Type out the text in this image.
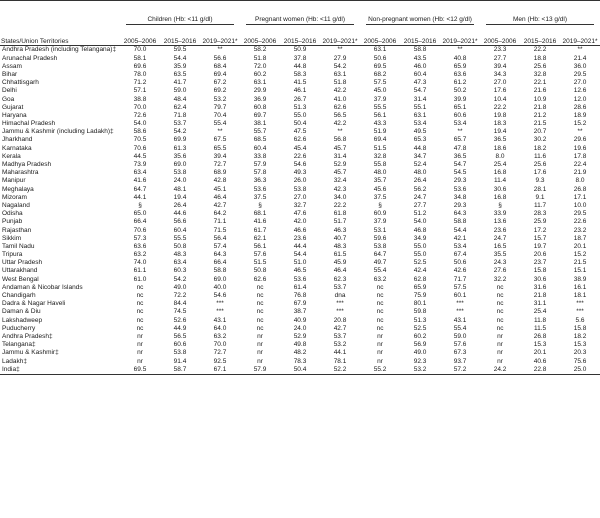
	Children (Hb: <11 g/dl)			Pregnant women (Hb: <11 g/dl)			Non-pregnant women (Hb: <12 g/dl)			Men (Hb: <13 g/dl)		
States/Union Territories	2005–2006	2015–2016	2019–2021*	2005–2006	2015–2016	2019–2021*	2005–2006	2015–2016	2019–2021*	2005–2006	2015–2016	2019–2021*
Andhra Pradesh (including Telangana)‡	70.0	59.5	**	58.2	50.9	**	63.1	58.8	**	23.3	22.2	**
Arunachal Pradesh	58.1	54.4	56.6	51.8	37.8	27.9	50.6	43.5	40.8	27.7	18.8	21.4
Assam	69.6	35.9	68.4	72.0	44.8	54.2	69.5	46.0	65.9	39.4	25.6	36.0
Bihar	78.0	63.5	69.4	60.2	58.3	63.1	68.2	60.4	63.6	34.3	32.8	29.5
Chhattisgarh	71.2	41.7	67.2	63.1	41.5	51.8	57.5	47.3	61.2	27.0	22.1	27.0
Delhi	57.1	59.0	69.2	29.9	46.1	42.2	45.0	54.7	50.2	17.6	21.6	12.6
Goa	38.8	48.4	53.2	36.9	26.7	41.0	37.9	31.4	39.9	10.4	10.9	12.0
Gujarat	70.0	62.4	79.7	60.8	51.3	62.6	55.5	55.1	65.1	22.2	21.8	28.6
Haryana	72.6	71.8	70.4	69.7	55.0	56.5	56.1	63.1	60.6	19.8	21.2	18.9
Himachal Pradesh	54.0	53.7	55.4	38.1	50.4	42.2	43.3	53.4	53.4	18.3	21.5	15.2
Jammu & Kashmir (including Ladakh)‡	58.6	54.2	**	55.7	47.5	**	51.9	49.5	**	19.4	20.7	**
Jharkhand	70.5	69.9	67.5	68.5	62.6	56.8	69.4	65.3	65.7	36.5	30.2	29.6
Karnataka	70.6	61.3	65.5	60.4	45.4	45.7	51.5	44.8	47.8	18.6	18.2	19.6
Kerala	44.5	35.6	39.4	33.8	22.6	31.4	32.8	34.7	36.5	8.0	11.6	17.8
Madhya Pradesh	73.9	69.0	72.7	57.9	54.6	52.9	55.8	52.4	54.7	25.4	25.6	22.4
Maharashtra	63.4	53.8	68.9	57.8	49.3	45.7	48.0	48.0	54.5	16.8	17.6	21.9
Manipur	41.6	24.0	42.8	36.3	26.0	32.4	35.7	26.4	29.3	11.4	9.3	8.0
Meghalaya	64.7	48.1	45.1	53.6	53.8	42.3	45.6	56.2	53.6	30.6	28.1	26.8
Mizoram	44.1	19.4	46.4	37.5	27.0	34.0	37.5	24.7	34.8	16.8	9.1	17.1
Nagaland	§	26.4	42.7	§	32.7	22.2	§	27.7	29.3	§	11.7	10.0
Odisha	65.0	44.6	64.2	68.1	47.6	61.8	60.9	51.2	64.3	33.9	28.3	29.5
Punjab	66.4	56.6	71.1	41.6	42.0	51.7	37.9	54.0	58.8	13.6	25.9	22.6
Rajasthan	70.6	60.4	71.5	61.7	46.6	46.3	53.1	46.8	54.4	23.6	17.2	23.2
Sikkim	57.3	55.5	56.4	62.1	23.6	40.7	59.6	34.9	42.1	24.7	15.7	18.7
Tamil Nadu	63.6	50.8	57.4	56.1	44.4	48.3	53.8	55.0	53.4	16.5	19.7	20.1
Tripura	63.2	48.3	64.3	57.6	54.4	61.5	64.7	55.0	67.4	35.5	20.6	15.2
Uttar Pradesh	74.0	63.4	66.4	51.5	51.0	45.9	49.7	52.5	50.6	24.3	23.7	21.5
Uttarakhand	61.1	60.3	58.8	50.8	46.5	46.4	55.4	42.4	42.6	27.6	15.8	15.1
West Bengal	61.0	54.2	69.0	62.6	53.6	62.3	63.2	62.8	71.7	32.2	30.6	38.9
Andaman & Nicobar Islands	nc	49.0	40.0	nc	61.4	53.7	nc	65.9	57.5	nc	31.6	16.1
Chandigarh	nc	72.2	54.6	nc	76.8	dna	nc	75.9	60.1	nc	21.8	18.1
Dadra & Nagar Haveli	nc	84.4	***	nc	67.9	***	nc	80.1	***	nc	31.1	***
Daman & Diu	nc	74.5	***	nc	38.7	***	nc	59.8	***	nc	25.4	***
Lakshadweep	nc	52.6	43.1	nc	40.9	20.8	nc	51.3	43.1	nc	11.8	5.6
Puducherry	nc	44.9	64.0	nc	24.0	42.7	nc	52.5	55.4	nc	11.5	15.8
Andhra Pradesh‡	nr	56.5	63.2	nr	52.9	53.7	nr	60.2	59.0	nr	26.8	18.2
Telangana‡	nr	60.6	70.0	nr	49.8	53.2	nr	56.9	57.6	nr	15.3	15.3
Jammu & Kashmir‡	nr	53.8	72.7	nr	48.2	44.1	nr	49.0	67.3	nr	20.1	20.3
Ladakh‡	nr	91.4	92.5	nr	78.3	78.1	nr	92.3	93.7	nr	40.6	75.6
India‡	69.5	58.7	67.1	57.9	50.4	52.2	55.2	53.2	57.2	24.2	22.8	25.0
